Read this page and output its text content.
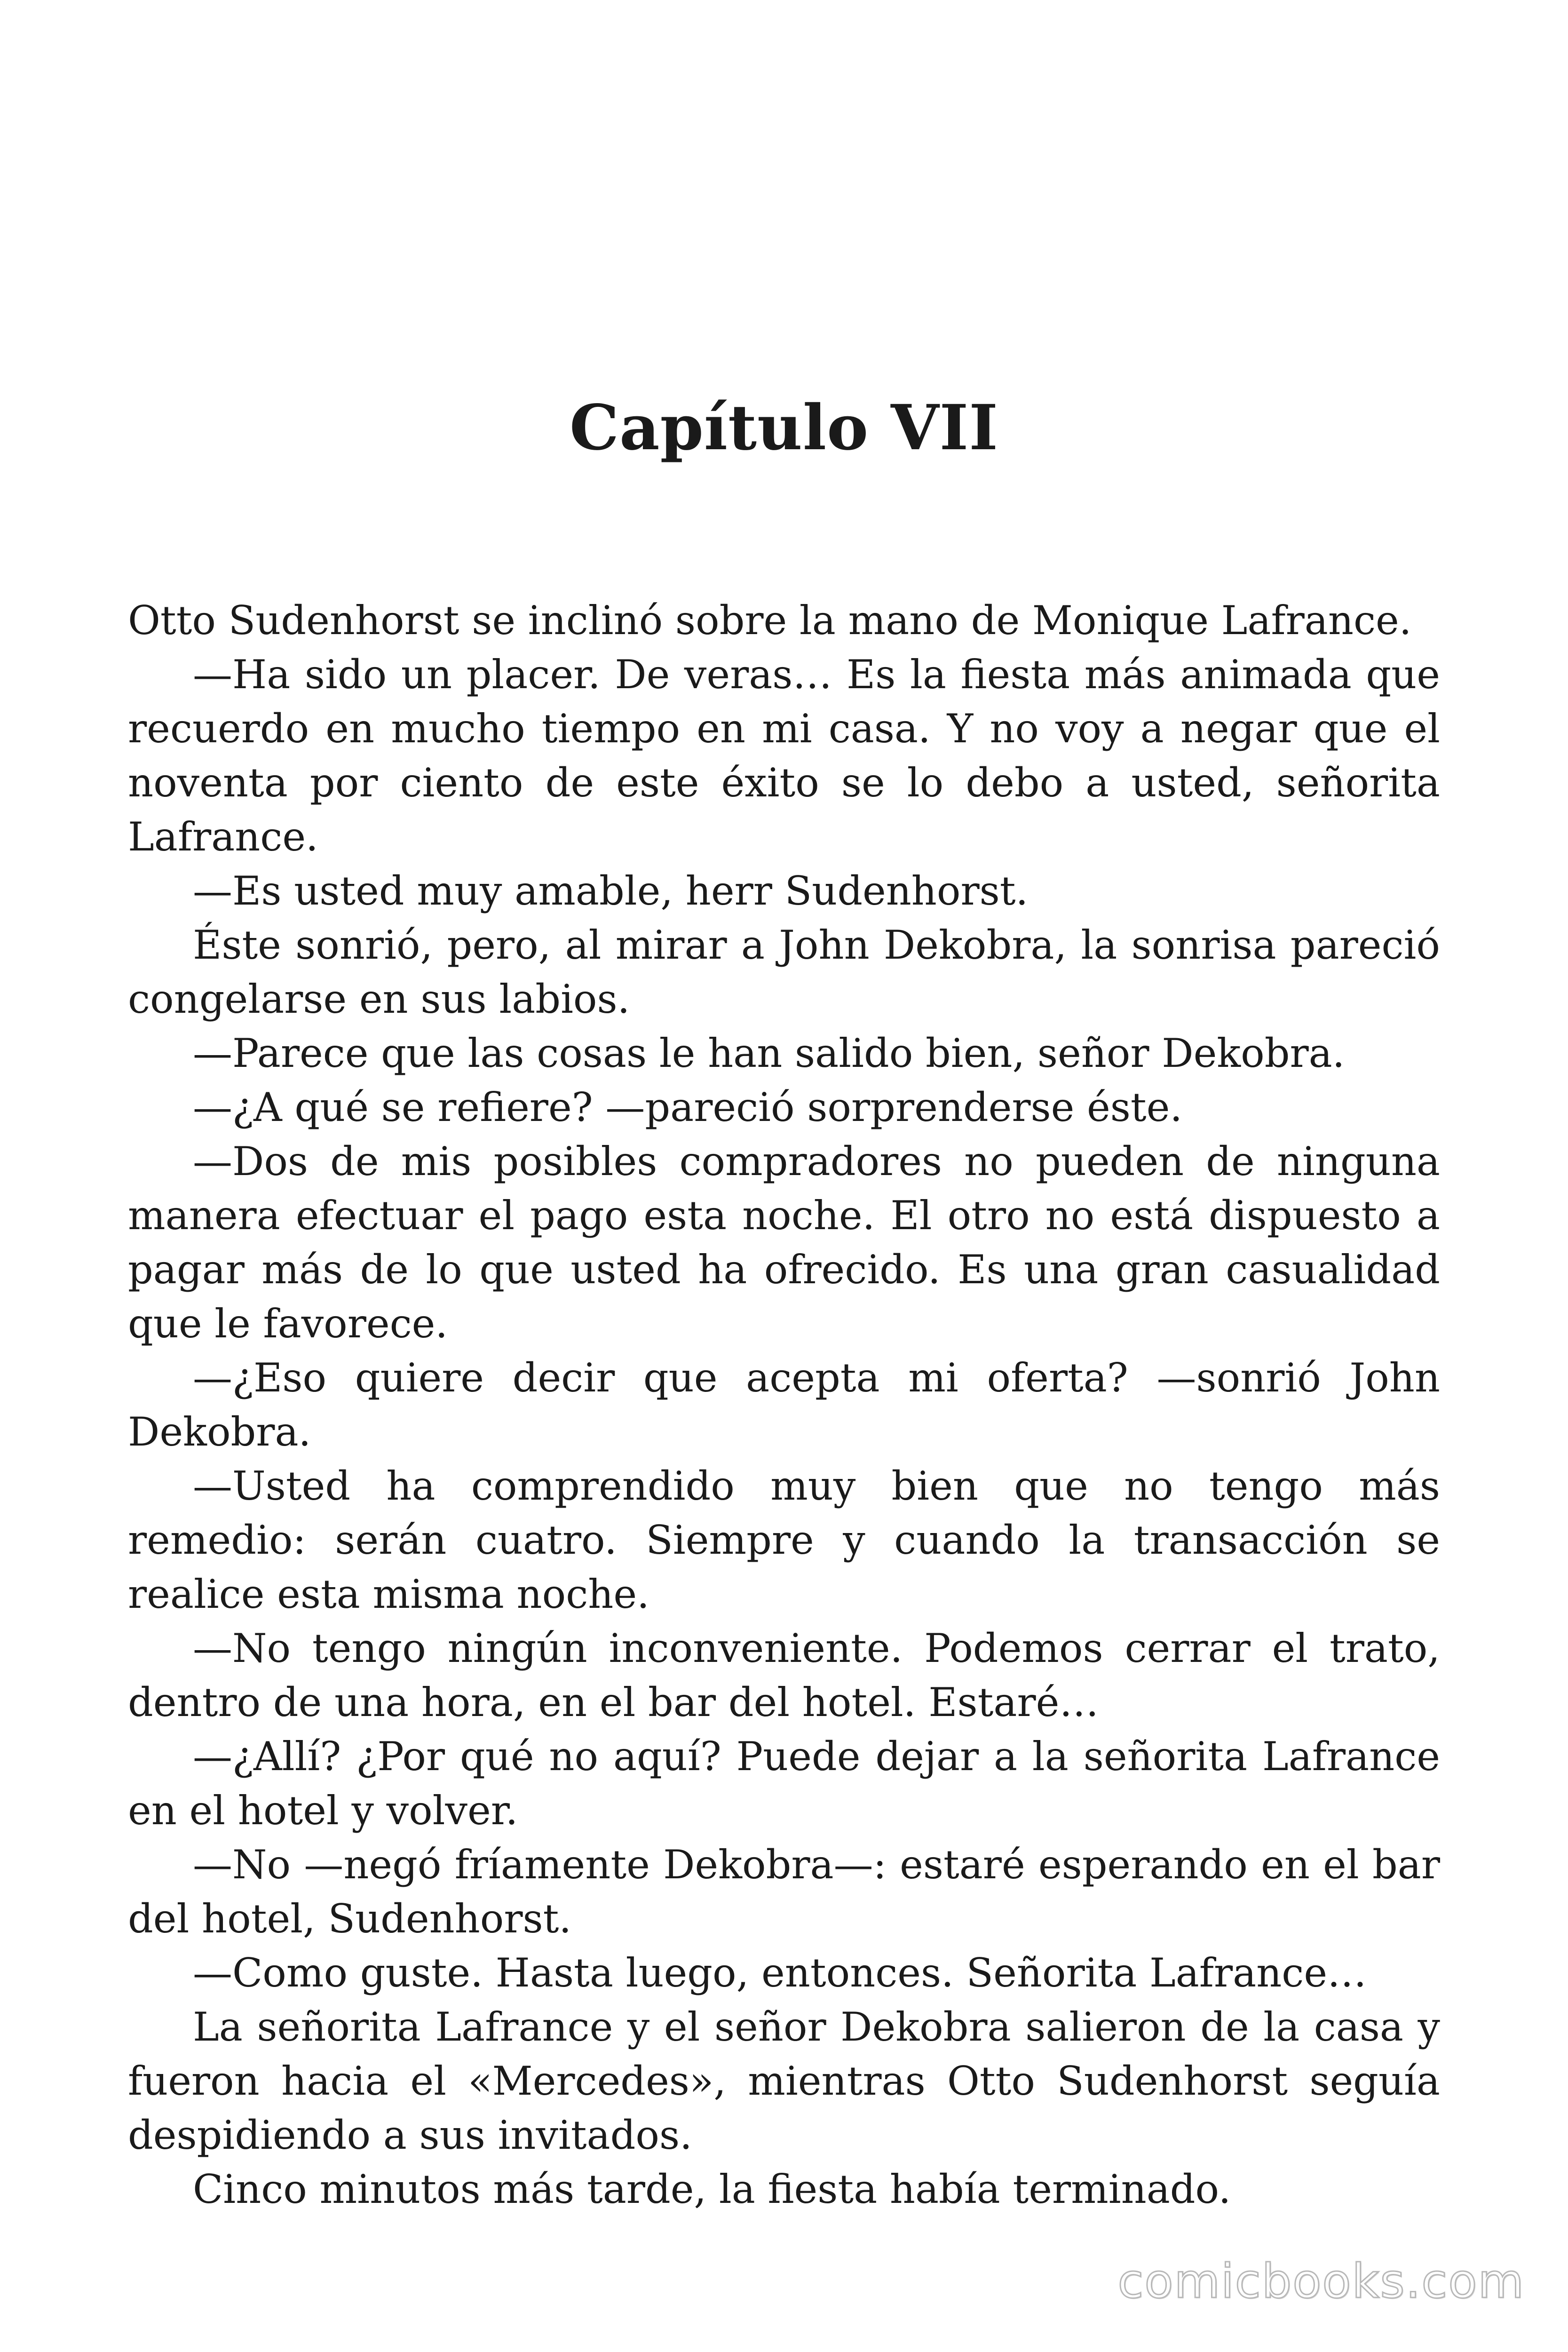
Capítulo VII

Otto Sudenhorst se inclinó sobre la mano de Monique Lafrance.

—Ha sido un placer. De veras… Es la fiesta más animada que recuerdo en mucho tiempo en mi casa. Y no voy a negar que el noventa por ciento de este éxito se lo debo a usted, señorita Lafrance.

—Es usted muy amable, herr Sudenhorst.

Éste sonrió, pero, al mirar a John Dekobra, la sonrisa pareció congelarse en sus labios.

—Parece que las cosas le han salido bien, señor Dekobra.

—¿A qué se refiere? —pareció sorprenderse éste.

—Dos de mis posibles compradores no pueden de ninguna manera efectuar el pago esta noche. El otro no está dispuesto a pagar más de lo que usted ha ofrecido. Es una gran casualidad que le favorece.

—¿Eso quiere decir que acepta mi oferta? —sonrió John Dekobra.

—Usted ha comprendido muy bien que no tengo más remedio: serán cuatro. Siempre y cuando la transacción se realice esta misma noche.

—No tengo ningún inconveniente. Podemos cerrar el trato, dentro de una hora, en el bar del hotel. Estaré…

—¿Allí? ¿Por qué no aquí? Puede dejar a la señorita Lafrance en el hotel y volver.

—No —negó fríamente Dekobra—: estaré esperando en el bar del hotel, Sudenhorst.

—Como guste. Hasta luego, entonces. Señorita Lafrance…

La señorita Lafrance y el señor Dekobra salieron de la casa y fueron hacia el «Mercedes», mientras Otto Sudenhorst seguía despidiendo a sus invitados.

Cinco minutos más tarde, la fiesta había terminado.

comicbooks.com
